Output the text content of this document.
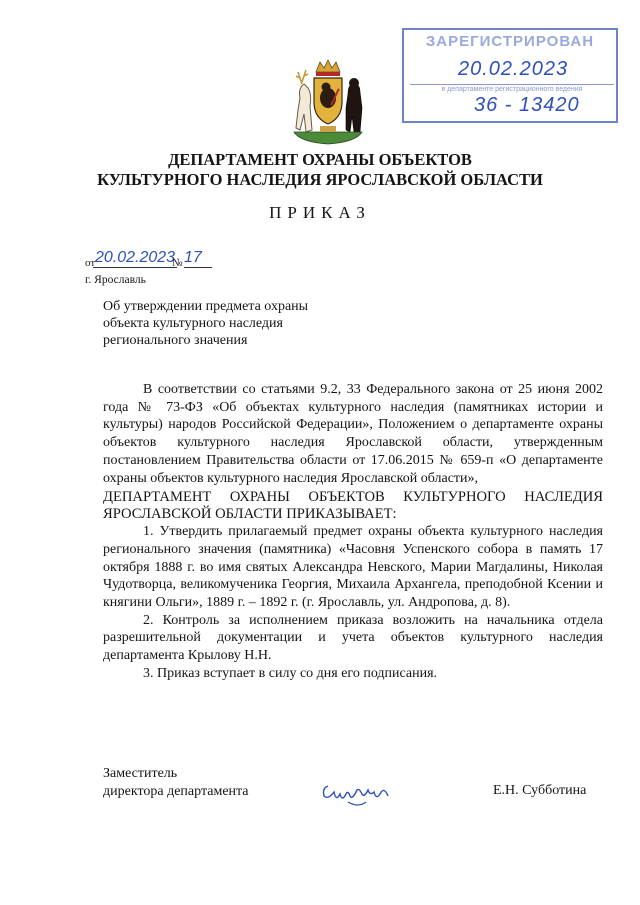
ЗАРЕГИСТРИРОВАН
20.02.2023
в департаменте регистрационного ведения
36 - 13420
ДЕПАРТАМЕНТ ОХРАНЫ ОБЪЕКТОВ
КУЛЬТУРНОГО НАСЛЕДИЯ ЯРОСЛАВСКОЙ ОБЛАСТИ
ПРИКАЗ
от 20.02.2023
№ 17
г. Ярославль
Об утверждении предмета охраны
объекта культурного наследия
регионального значения

В соответствии со статьями 9.2, 33 Федерального закона от 25 июня 2002 года № 73-ФЗ «Об объектах культурного наследия (памятниках истории и культуры) народов Российской Федерации», Положением о департаменте охраны объектов культурного наследия Ярославской области, утвержденным постановлением Правительства области от 17.06.2015 № 659-п «О департаменте охраны объектов культурного наследия Ярославской области»,

ДЕПАРТАМЕНТ ОХРАНЫ ОБЪЕКТОВ КУЛЬТУРНОГО НАСЛЕДИЯ ЯРОСЛАВСКОЙ ОБЛАСТИ ПРИКАЗЫВАЕТ:

1. Утвердить прилагаемый предмет охраны объекта культурного наследия регионального значения (памятника) «Часовня Успенского собора в память 17 октября 1888 г. во имя святых Александра Невского, Марии Магдалины, Николая Чудотворца, великомученика Георгия, Михаила Архангела, преподобной Ксении и княгини Ольги», 1889 г. – 1892 г. (г. Ярославль, ул. Андропова, д. 8).

2. Контроль за исполнением приказа возложить на начальника отдела разрешительной документации и учета объектов культурного наследия департамента Крылову Н.Н.

3. Приказ вступает в силу со дня его подписания.

Заместитель
директора департамента	Е.Н. Субботина
